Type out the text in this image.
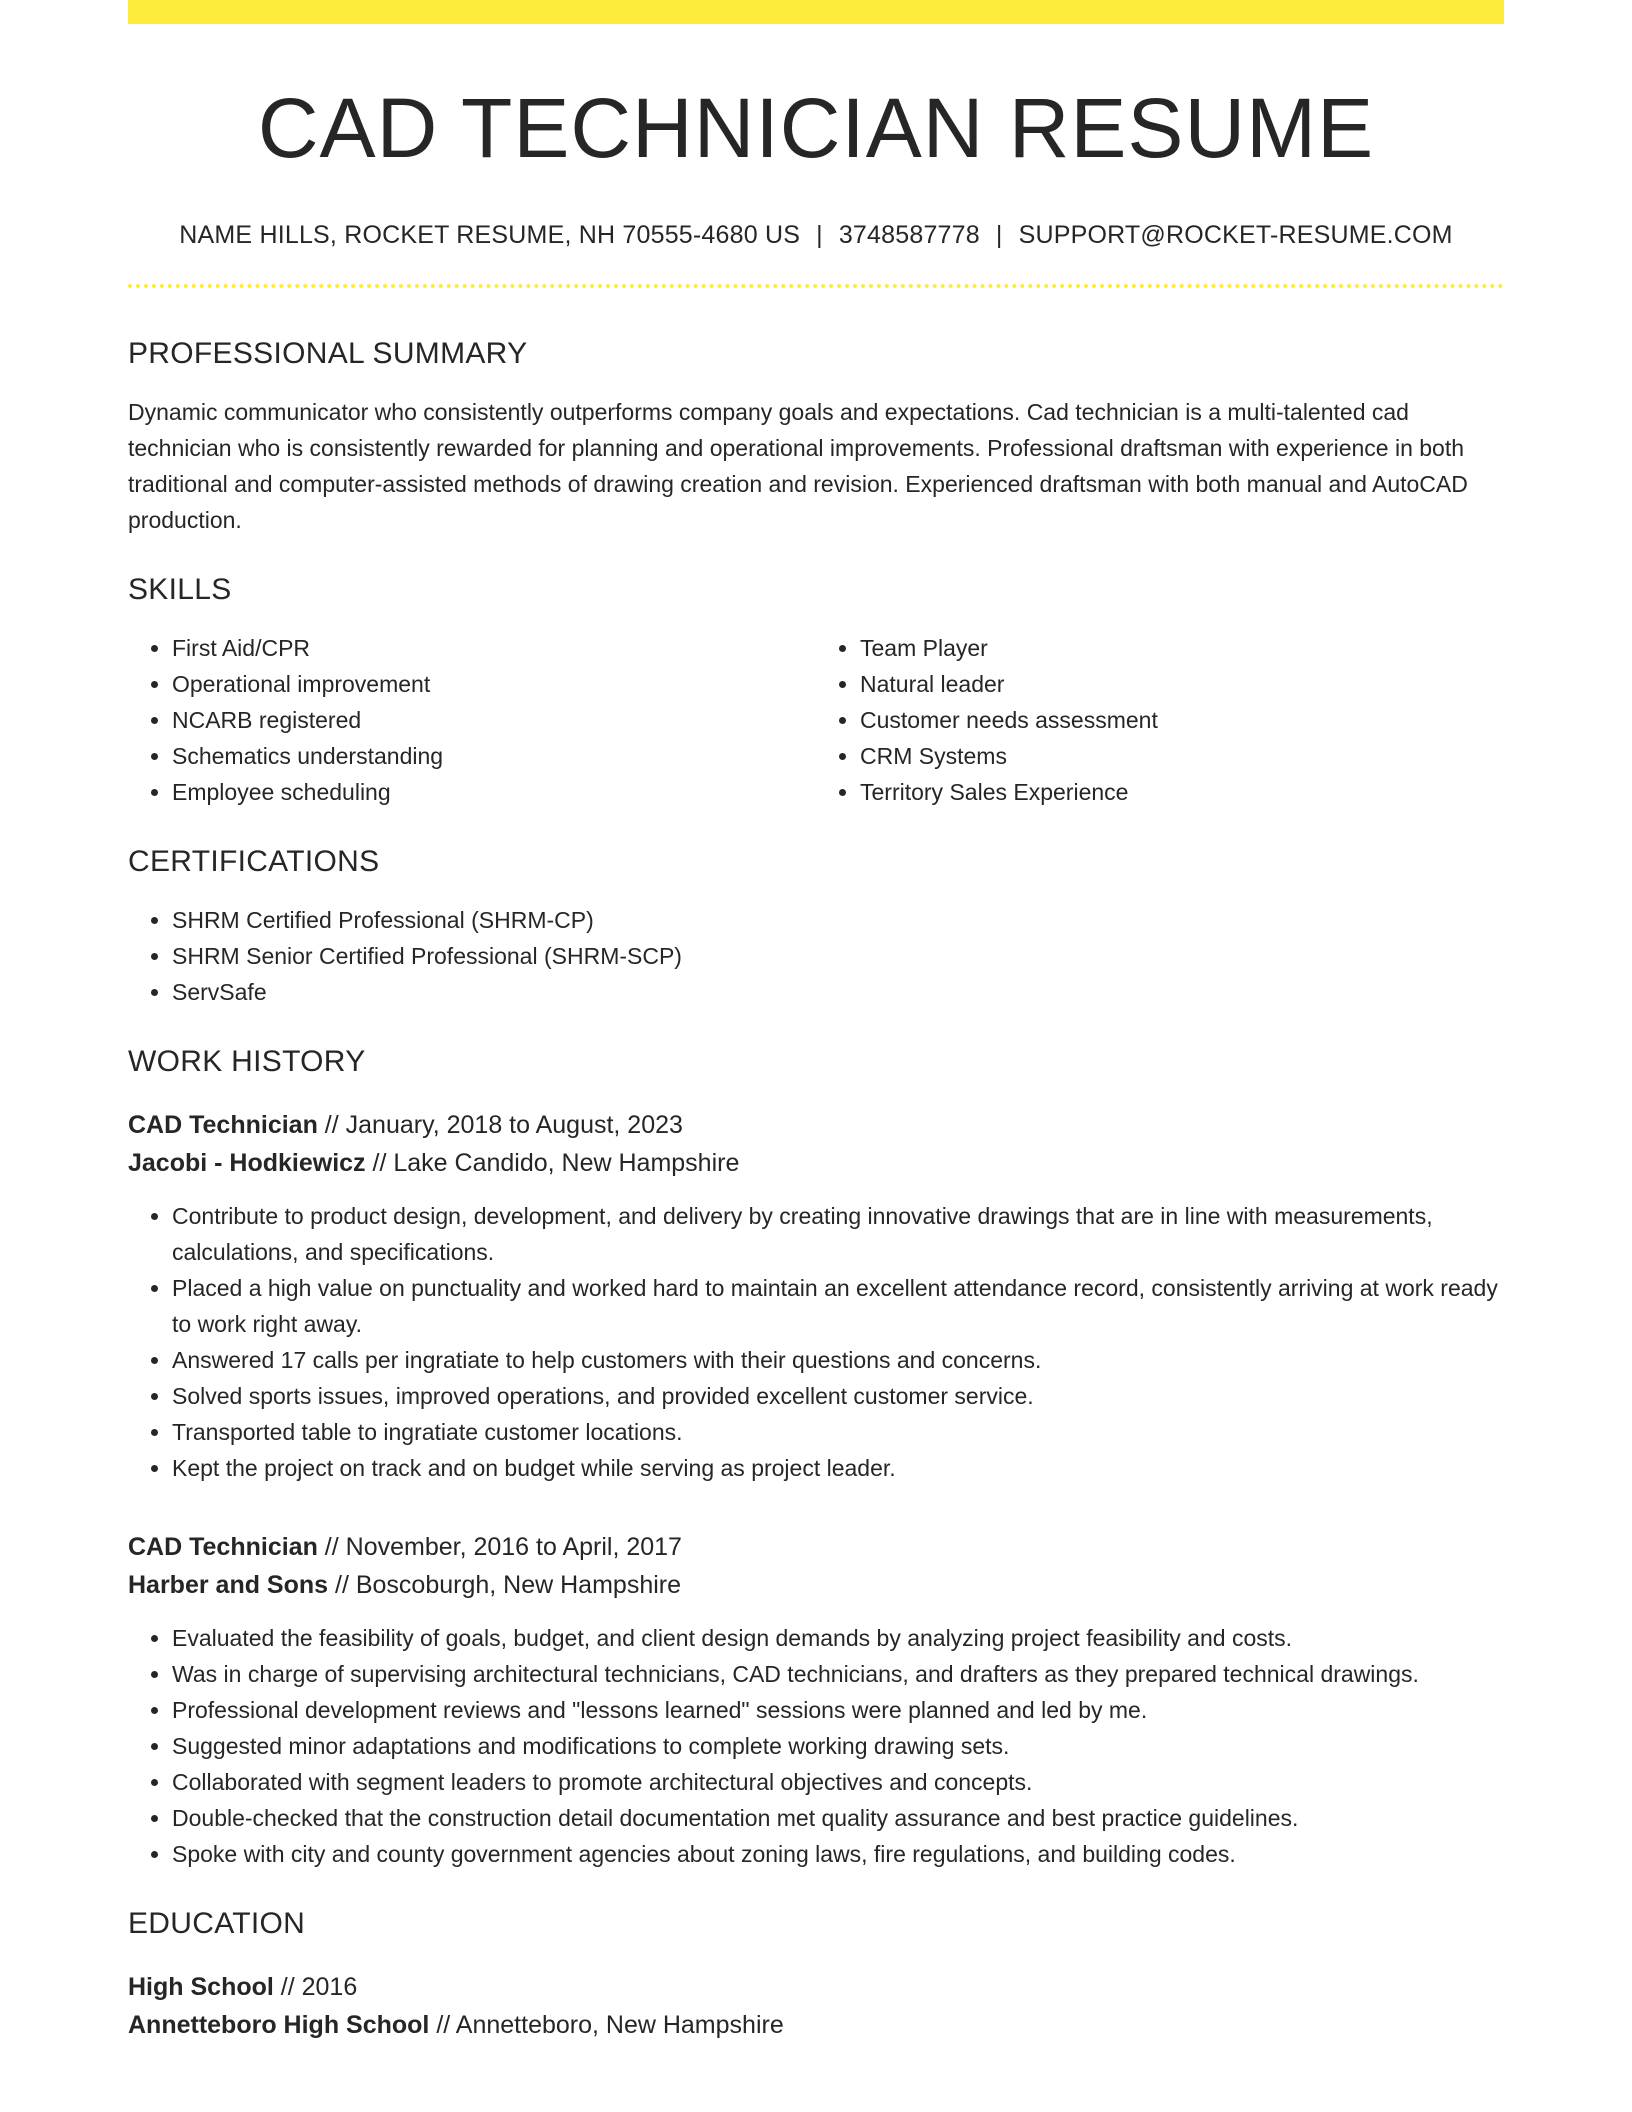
CAD TECHNICIAN RESUME
NAME HILLS, ROCKET RESUME, NH 70555-4680 US | 3748587778 | SUPPORT@ROCKET-RESUME.COM
PROFESSIONAL SUMMARY

Dynamic communicator who consistently outperforms company goals and expectations. Cad technician is a multi-talented cad technician who is consistently rewarded for planning and operational improvements. Professional draftsman with experience in both traditional and computer-assisted methods of drawing creation and revision. Experienced draftsman with both manual and AutoCAD production.

SKILLS
• First Aid/CPR
• Operational improvement
• NCARB registered
• Schematics understanding
• Employee scheduling
• Team Player
• Natural leader
• Customer needs assessment
• CRM Systems
• Territory Sales Experience
CERTIFICATIONS
• SHRM Certified Professional (SHRM-CP)
• SHRM Senior Certified Professional (SHRM-SCP)
• ServSafe
WORK HISTORY
CAD Technician // January, 2018 to August, 2023
Jacobi - Hodkiewicz // Lake Candido, New Hampshire
• Contribute to product design, development, and delivery by creating innovative drawings that are in line with measurements, calculations, and specifications.
• Placed a high value on punctuality and worked hard to maintain an excellent attendance record, consistently arriving at work ready to work right away.
• Answered 17 calls per ingratiate to help customers with their questions and concerns.
• Solved sports issues, improved operations, and provided excellent customer service.
• Transported table to ingratiate customer locations.
• Kept the project on track and on budget while serving as project leader.
CAD Technician // November, 2016 to April, 2017
Harber and Sons // Boscoburgh, New Hampshire
• Evaluated the feasibility of goals, budget, and client design demands by analyzing project feasibility and costs.
• Was in charge of supervising architectural technicians, CAD technicians, and drafters as they prepared technical drawings.
• Professional development reviews and "lessons learned" sessions were planned and led by me.
• Suggested minor adaptations and modifications to complete working drawing sets.
• Collaborated with segment leaders to promote architectural objectives and concepts.
• Double-checked that the construction detail documentation met quality assurance and best practice guidelines.
• Spoke with city and county government agencies about zoning laws, fire regulations, and building codes.
EDUCATION
High School // 2016
Annetteboro High School // Annetteboro, New Hampshire
